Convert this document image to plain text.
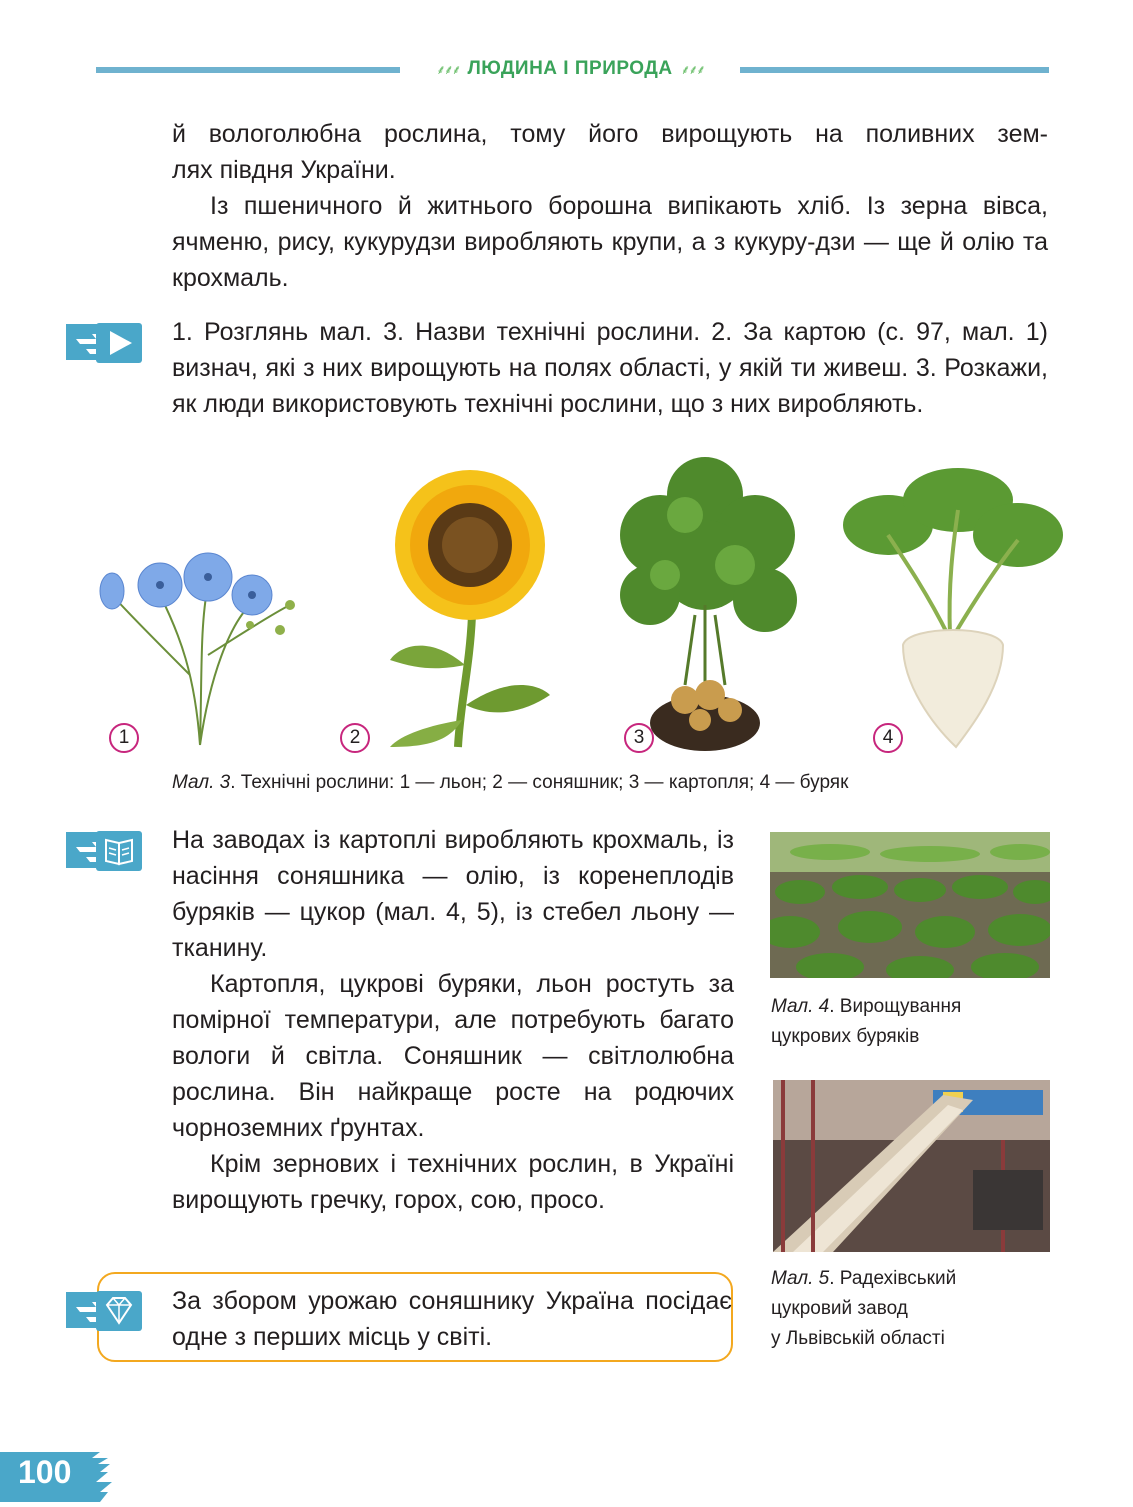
⸙⸙⸙ ЛЮДИНА І ПРИРОДА ⸙⸙⸙

й вологолюбна рослина, тому його вирощують на поливних зем-

лях півдня України.

Із пшеничного й житнього борошна випікають хліб. Із зерна вівса, ячменю, рису, кукурудзи виробляють крупи, а з кукуру-дзи — ще й олію та крохмаль.

1. Розглянь мал. 3. Назви технічні рослини. 2. За картою (с. 97, мал. 1) визнач, які з них вирощують на полях області, у якій ти живеш. 3. Розкажи, як люди використовують технічні рослини, що з них виробляють.
1	2	3	4
Мал. 3. Технічні рослини: 1 — льон; 2 — соняшник; 3 — картопля; 4 — буряк

На заводах із картоплі виробляють крохмаль, із насіння соняшника — олію, із коренеплодів буряків — цукор (мал. 4, 5), із стебел льону — тканину.

Картопля, цукрові буряки, льон ростуть за помірної температури, але потребують багато вологи й світла. Соняшник — світлолюбна рослина. Він найкраще росте на родючих чорноземних ґрунтах.

Крім зернових і технічних рослин, в Україні вирощують гречку, горох, сою, просо.

Мал. 4. Вирощування
цукрових буряків
Мал. 5. Радехівський
цукровий завод
у Львівській області
За збором урожаю соняшнику Україна посідає одне з перших місць у світі.
100
